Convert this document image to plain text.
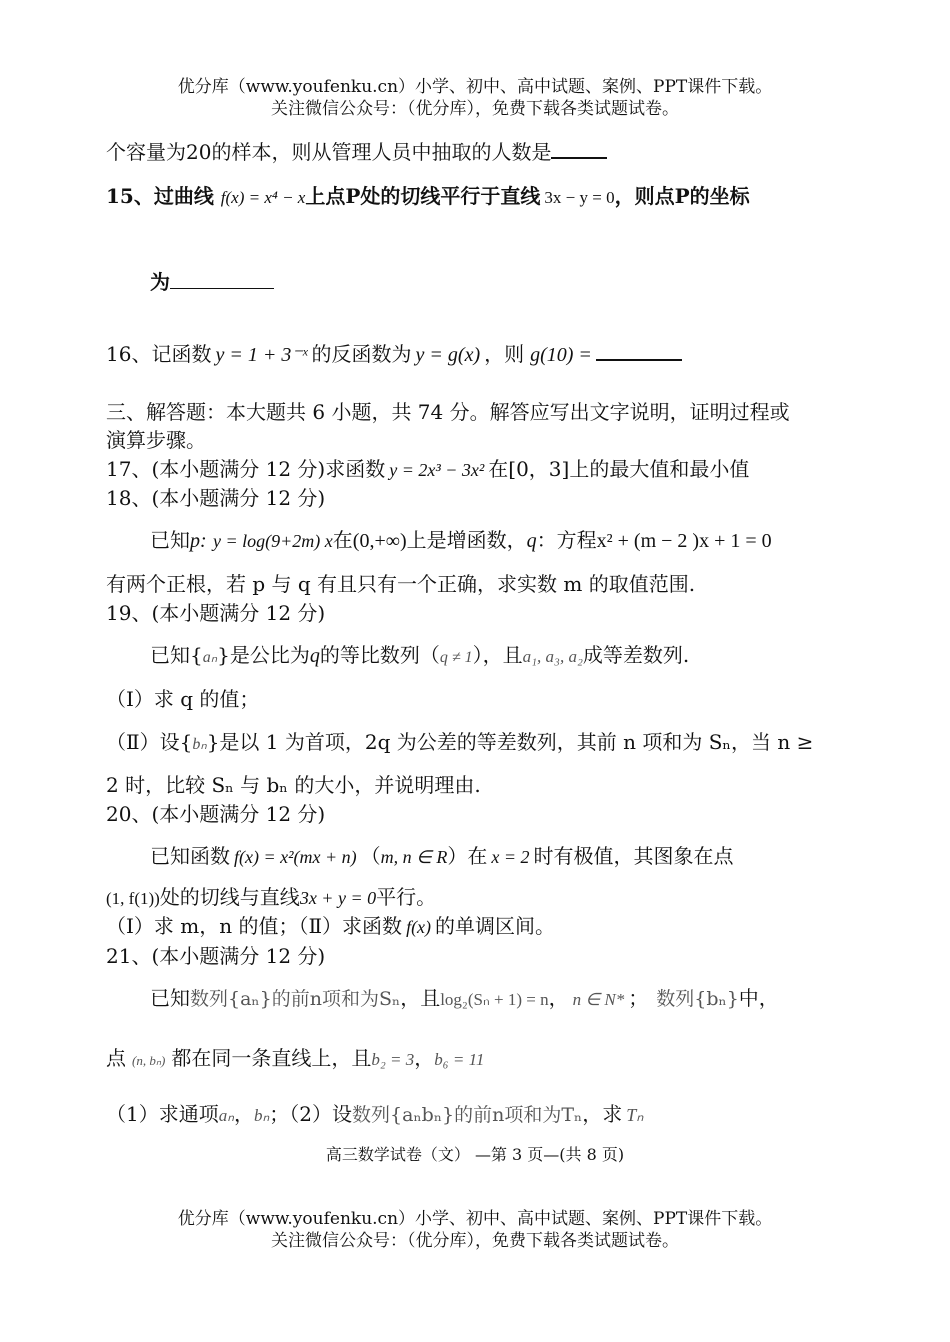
优分库（www.youfenku.cn）小学、初中、高中试题、案例、PPT课件下载。
关注微信公众号：（优分库），免费下载各类试题试卷。
个容量为20的样本，则从管理人员中抽取的人数是
15、过曲线 f(x) = x⁴ − x上点P处的切线平行于直线 3x − y = 0，则点P的坐标
为
16、记函数 y = 1 + 3⁻ˣ 的反函数为 y = g(x) ，则 g(10) =
三、解答题：本大题共 6 小题，共 74 分。解答应写出文字说明，证明过程或
演算步骤。
17、(本小题满分 12 分)求函数 y = 2x³ − 3x² 在[0，3]上的最大值和最小值
18、(本小题满分 12 分)
已知p: y = log(9+2m) x在(0,+∞)上是增函数，q：方程x² + (m − 2 )x + 1 = 0
有两个正根，若 p 与 q 有且只有一个正确，求实数 m 的取值范围.
19、(本小题满分 12 分)
已知{aₙ}是公比为q的等比数列（q ≠ 1），且a₁, a₃, a₂成等差数列.
（Ⅰ）求 q 的值；
（Ⅱ）设{bₙ}是以 1 为首项，2q 为公差的等差数列，其前 n 项和为 Sₙ，当 n ≥
2 时，比较 Sₙ 与 bₙ 的大小，并说明理由.
20、(本小题满分 12 分)
已知函数 f(x) = x²(mx + n) （m, n ∈ R）在 x = 2 时有极值，其图象在点
(1, f(1))处的切线与直线3x + y = 0平行。
（Ⅰ）求 m，n 的值；（Ⅱ）求函数 f(x) 的单调区间。
21、(本小题满分 12 分)
已知数列{aₙ}的前n项和为Sₙ，且log₂(Sₙ + 1) = n， n ∈ N* ； 数列{bₙ}中，
点 (n, bₙ) 都在同一条直线上，且b₂ = 3，b₆ = 11
（1）求通项aₙ，bₙ；（2）设数列{aₙbₙ}的前n项和为Tₙ，求 Tₙ
高三数学试卷（文） —第 3 页—(共 8 页)
优分库（www.youfenku.cn）小学、初中、高中试题、案例、PPT课件下载。
关注微信公众号：（优分库），免费下载各类试题试卷。
